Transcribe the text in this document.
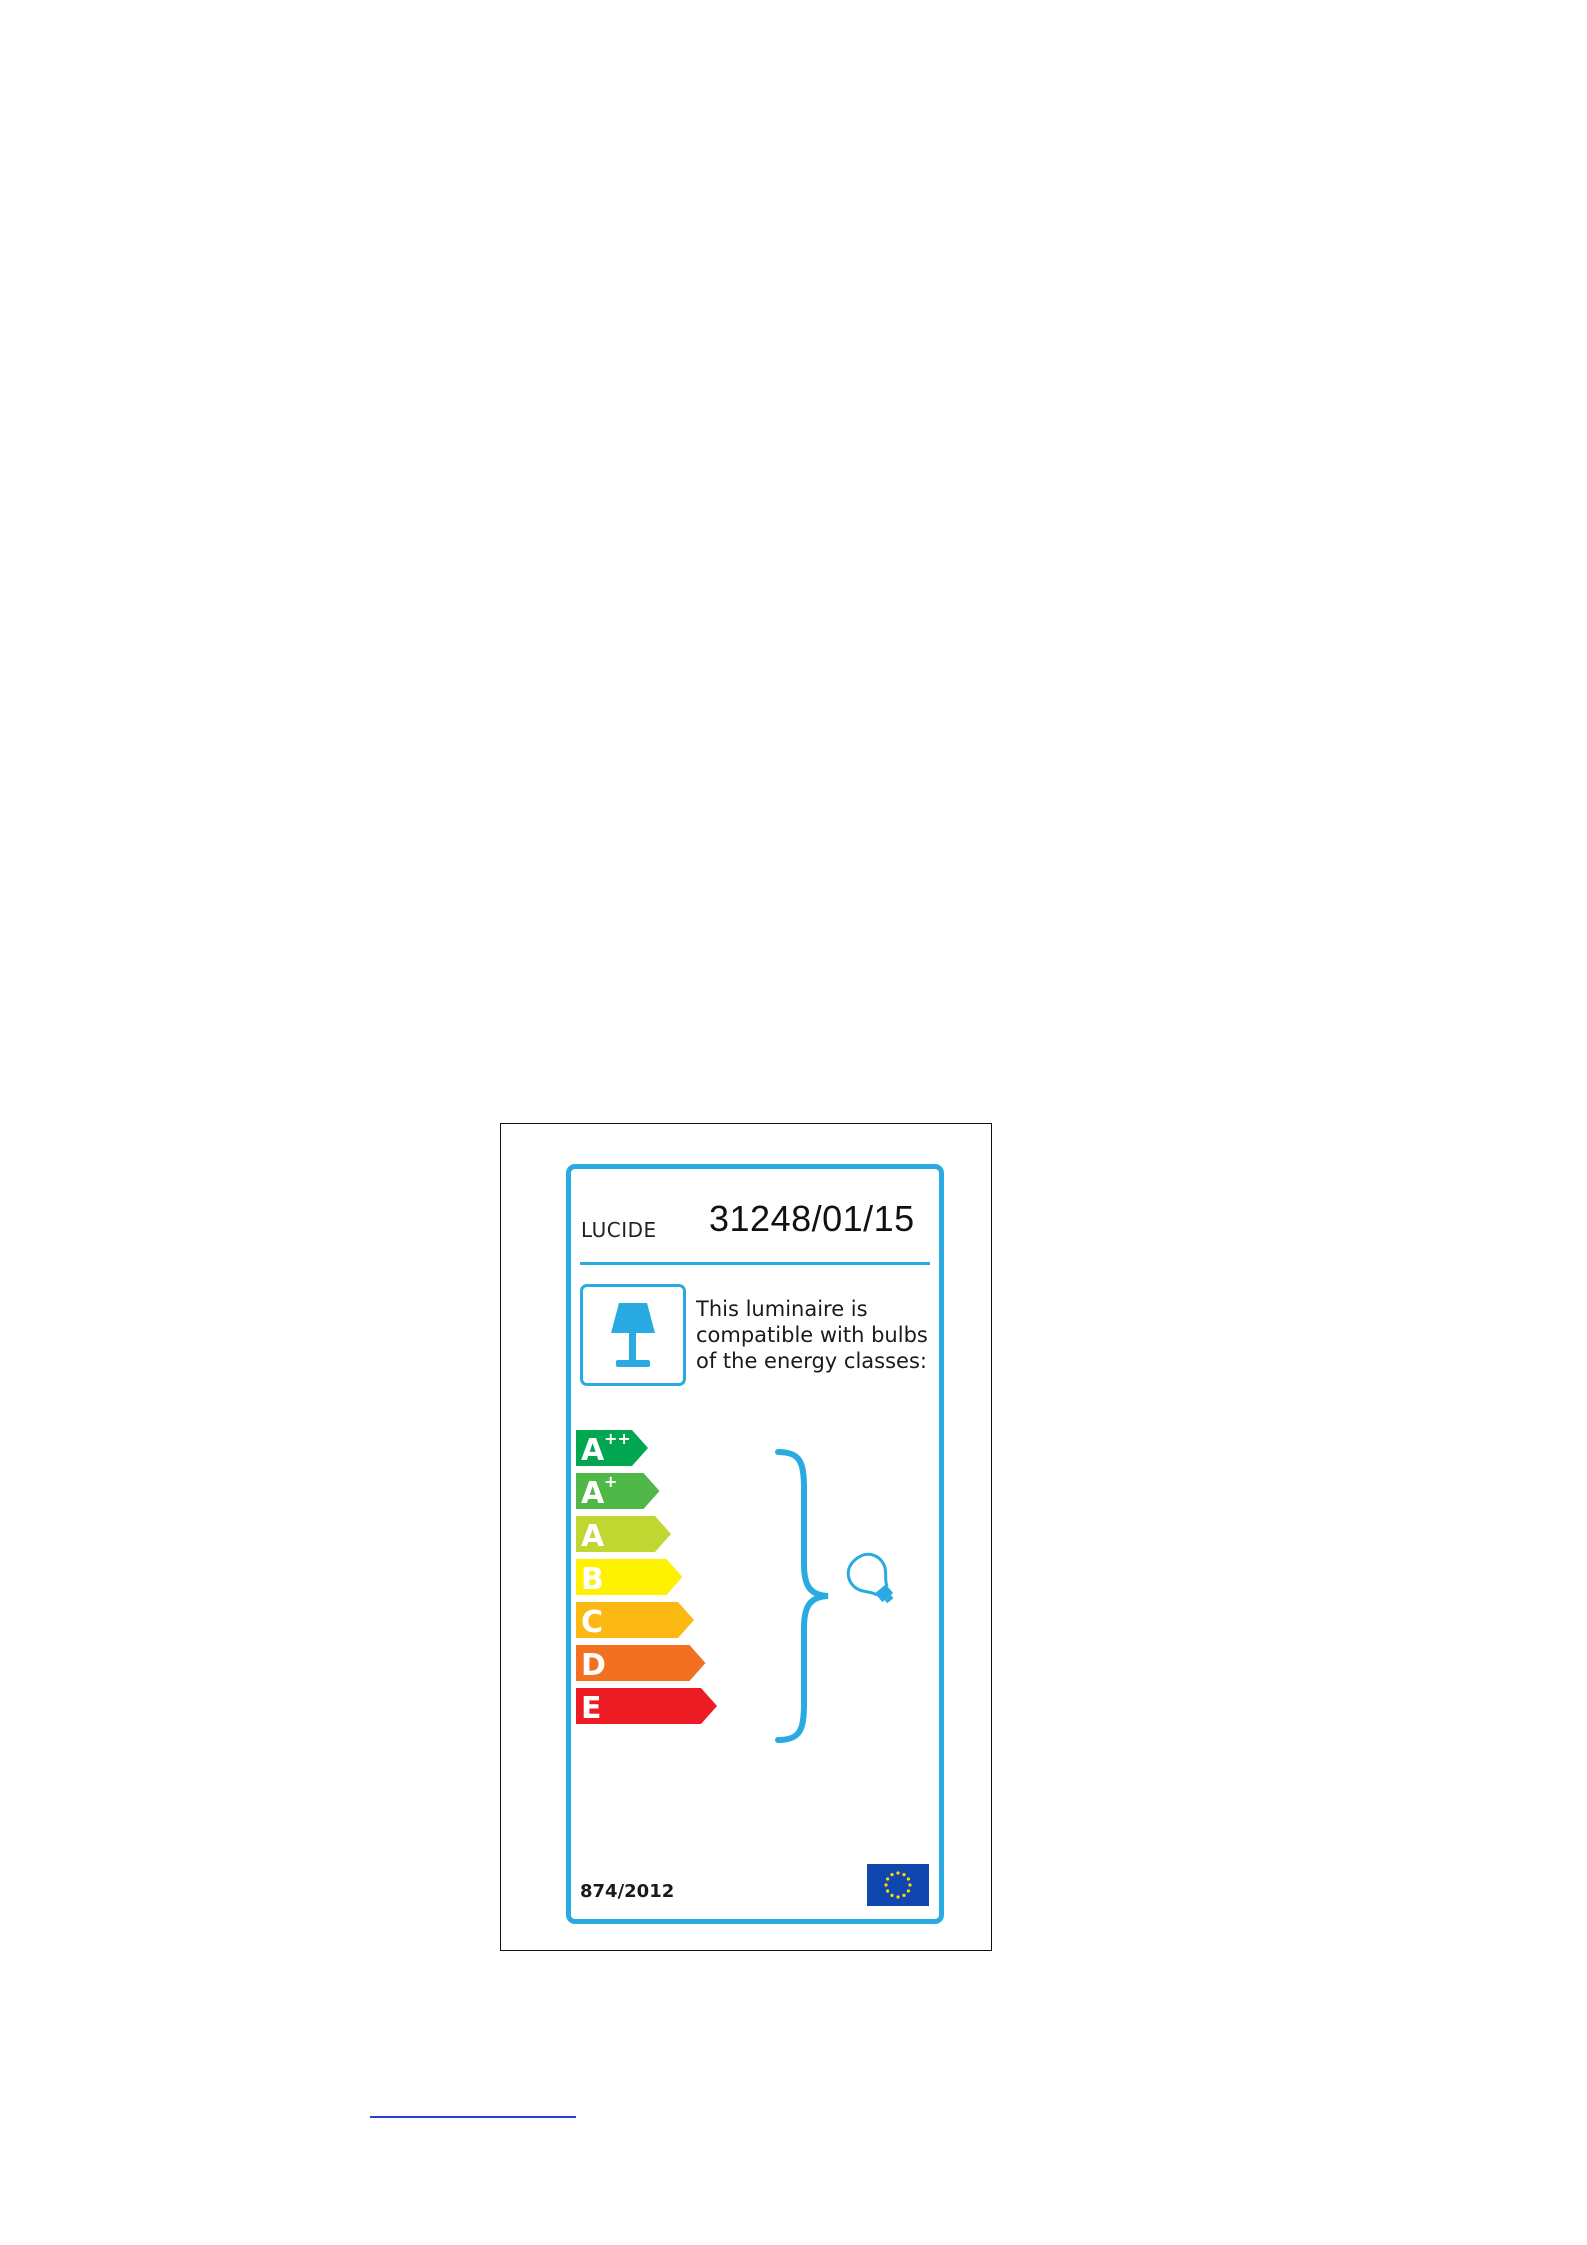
LUCIDE 31248/01/15
This luminaire is
compatible with bulbs
of the energy classes:
A ++
A +
A
B
C
D
E
874/2012
